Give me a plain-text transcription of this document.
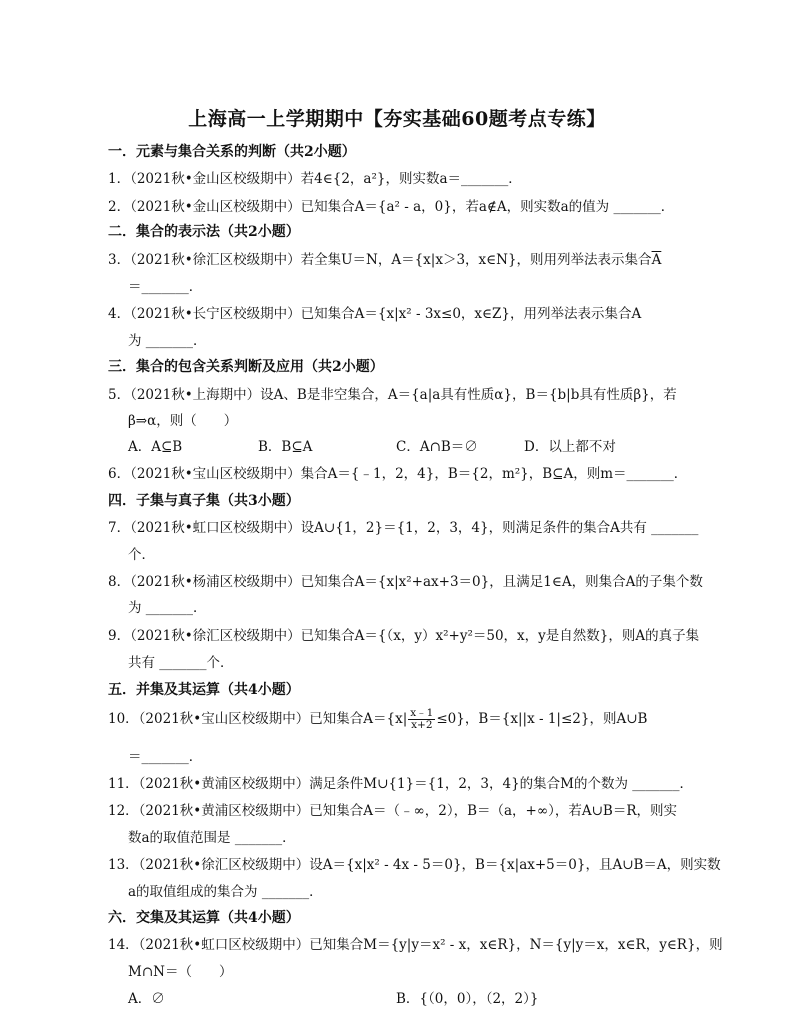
上海高一上学期期中【夯实基础60题考点专练】
一．元素与集合关系的判断（共2小题）
1．（2021秋•金山区校级期中）若4∈{2，a²}，则实数a＝_______．
2．（2021秋•金山区校级期中）已知集合A＝{a² - a，0}，若a∉A，则实数a的值为 _______．
二．集合的表示法（共2小题）
3．（2021秋•徐汇区校级期中）若全集U＝N，A＝{x|x＞3，x∈N}，则用列举法表示集合$\overline{A}$
＝_______．
4．（2021秋•长宁区校级期中）已知集合A＝{x|x² - 3x≤0，x∈Z}，用列举法表示集合A
为 _______．
三．集合的包含关系判断及应用（共2小题）
5．（2021秋•上海期中）设A、B是非空集合，A＝{a|a具有性质α}，B＝{b|b具有性质β}，若
β⇒α，则（　　）
A．A⊆B	B．B⊆A	C．A∩B＝∅	D．以上都不对
6．（2021秋•宝山区校级期中）集合A＝{﹣1，2，4}，B＝{2，m²}，B⊆A，则m＝_______．
四．子集与真子集（共3小题）
7．（2021秋•虹口区校级期中）设A∪{1，2}＝{1，2，3，4}，则满足条件的集合A共有 _______
个．
8．（2021秋•杨浦区校级期中）已知集合A＝{x|x²+ax+3＝0}，且满足1∈A，则集合A的子集个数
为 _______．
9．（2021秋•徐汇区校级期中）已知集合A＝{（x，y）x²+y²＝50，x，y是自然数}，则A的真子集
共有 _______个．
五．并集及其运算（共4小题）
10．（2021秋•宝山区校级期中）已知集合$A=\{x| \frac{x﹣1}{x+2} \le 0\}$，B＝{x||x - 1|≤2}，则A∪B
＝_______．
11．（2021秋•黄浦区校级期中）满足条件M∪{1}＝{1，2，3，4}的集合M的个数为 _______．
12．（2021秋•黄浦区校级期中）已知集合A＝（﹣∞，2），B＝（a，+∞），若A∪B＝R，则实
数a的取值范围是 _______．
13．（2021秋•徐汇区校级期中）设A＝{x|x² - 4x - 5＝0}，B＝{x|ax+5＝0}，且A∪B＝A，则实数
a的取值组成的集合为 _______．
六．交集及其运算（共4小题）
14．（2021秋•虹口区校级期中）已知集合M＝{y|y＝x² - x，x∈R}，N＝{y|y＝x，x∈R，y∈R}，则
M∩N＝（　　）
A．∅	B．{（0，0），（2，2）}
